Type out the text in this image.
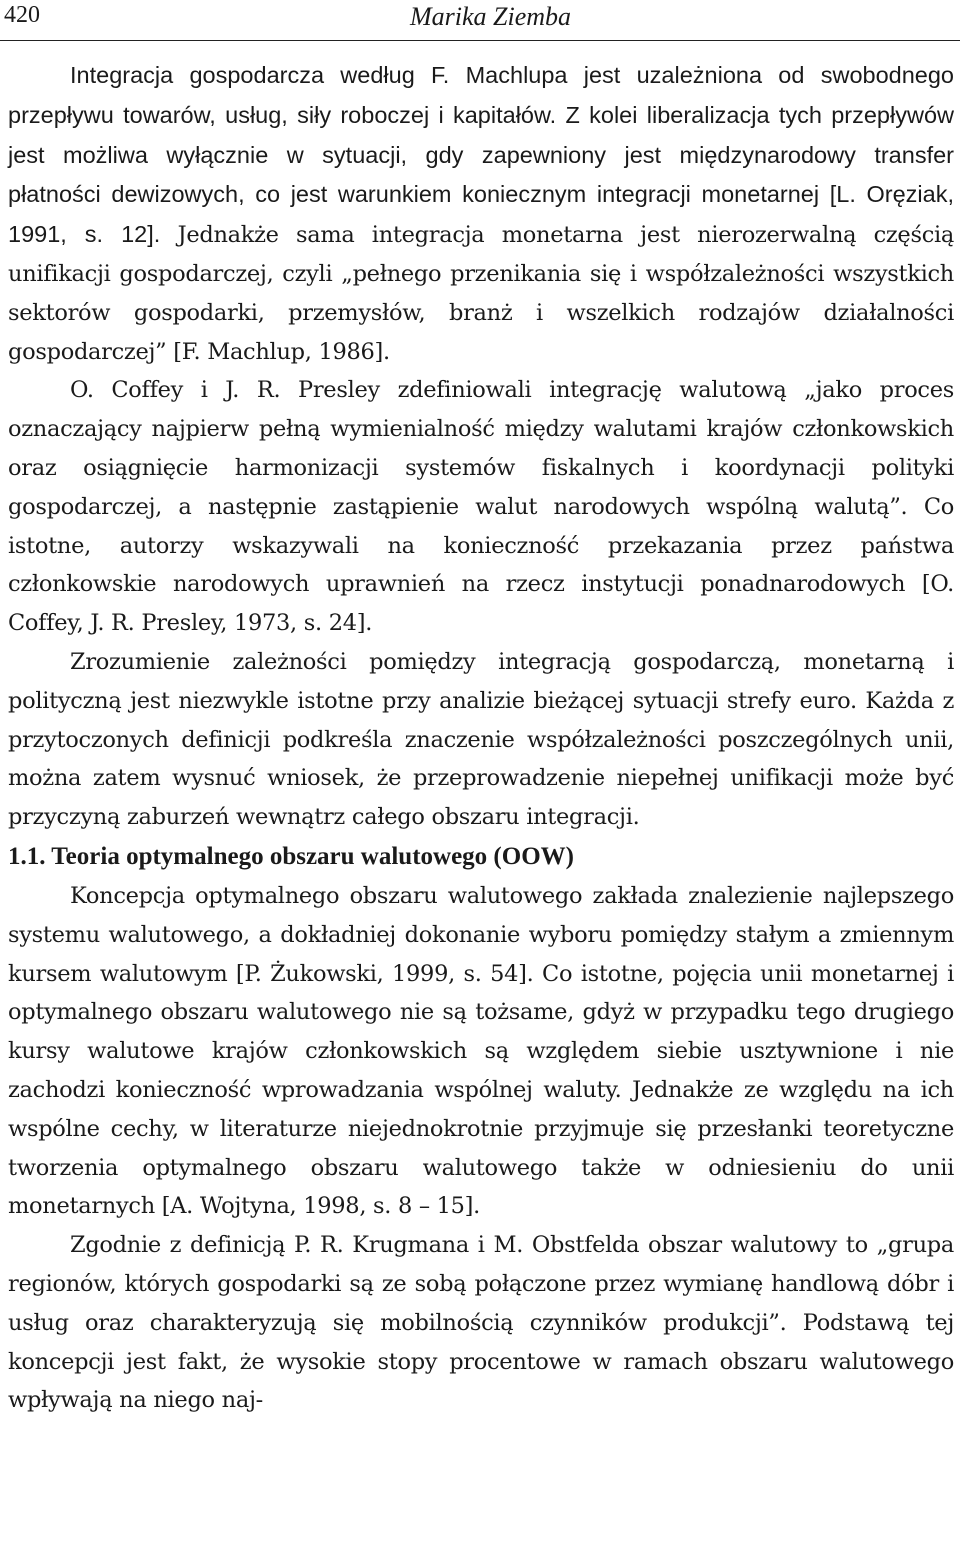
420	Marika Ziemba

Integracja gospodarcza według F. Machlupa jest uzależniona od swobodnego przepływu towarów, usług, siły roboczej i kapitałów. Z kolei liberalizacja tych przepływów jest możliwa wyłącznie w sytuacji, gdy zapewniony jest międzynarodowy transfer płatności dewizowych, co jest warunkiem koniecznym integracji monetarnej [L. Oręziak, 1991, s. 12]. Jednakże sama integracja monetarna jest nierozerwalną częścią unifikacji gospodarczej, czyli „pełnego przenikania się i współzależności wszystkich sektorów gospodarki, przemysłów, branż i wszelkich rodzajów działalności gospodarczej” [F. Machlup, 1986].

O. Coffey i J. R. Presley zdefiniowali integrację walutową „jako proces oznaczający najpierw pełną wymienialność między walutami krajów członkowskich oraz osiągnięcie harmonizacji systemów fiskalnych i koordynacji polityki gospodarczej, a następnie zastąpienie walut narodowych wspólną walutą”. Co istotne, autorzy wskazywali na konieczność przekazania przez państwa członkowskie narodowych uprawnień na rzecz instytucji ponadnarodowych [O. Coffey, J. R. Presley, 1973, s. 24].

Zrozumienie zależności pomiędzy integracją gospodarczą, monetarną i polityczną jest niezwykle istotne przy analizie bieżącej sytuacji strefy euro. Każda z przytoczonych definicji podkreśla znaczenie współzależności poszczególnych unii, można zatem wysnuć wniosek, że przeprowadzenie niepełnej unifikacji może być przyczyną zaburzeń wewnątrz całego obszaru integracji.

1.1. Teoria optymalnego obszaru walutowego (OOW)

Koncepcja optymalnego obszaru walutowego zakłada znalezienie najlepszego systemu walutowego, a dokładniej dokonanie wyboru pomiędzy stałym a zmiennym kursem walutowym [P. Żukowski, 1999, s. 54]. Co istotne, pojęcia unii monetarnej i optymalnego obszaru walutowego nie są tożsame, gdyż w przypadku tego drugiego kursy walutowe krajów członkowskich są względem siebie usztywnione i nie zachodzi konieczność wprowadzania wspólnej waluty. Jednakże ze względu na ich wspólne cechy, w literaturze niejednokrotnie przyjmuje się przesłanki teoretyczne tworzenia optymalnego obszaru walutowego także w odniesieniu do unii monetarnych [A. Wojtyna, 1998, s. 8 – 15].

Zgodnie z definicją P. R. Krugmana i M. Obstfelda obszar walutowy to „grupa regionów, których gospodarki są ze sobą połączone przez wymianę handlową dóbr i usług oraz charakteryzują się mobilnością czynników produkcji”. Podstawą tej koncepcji jest fakt, że wysokie stopy procentowe w ramach obszaru walutowego wpływają na niego naj-
